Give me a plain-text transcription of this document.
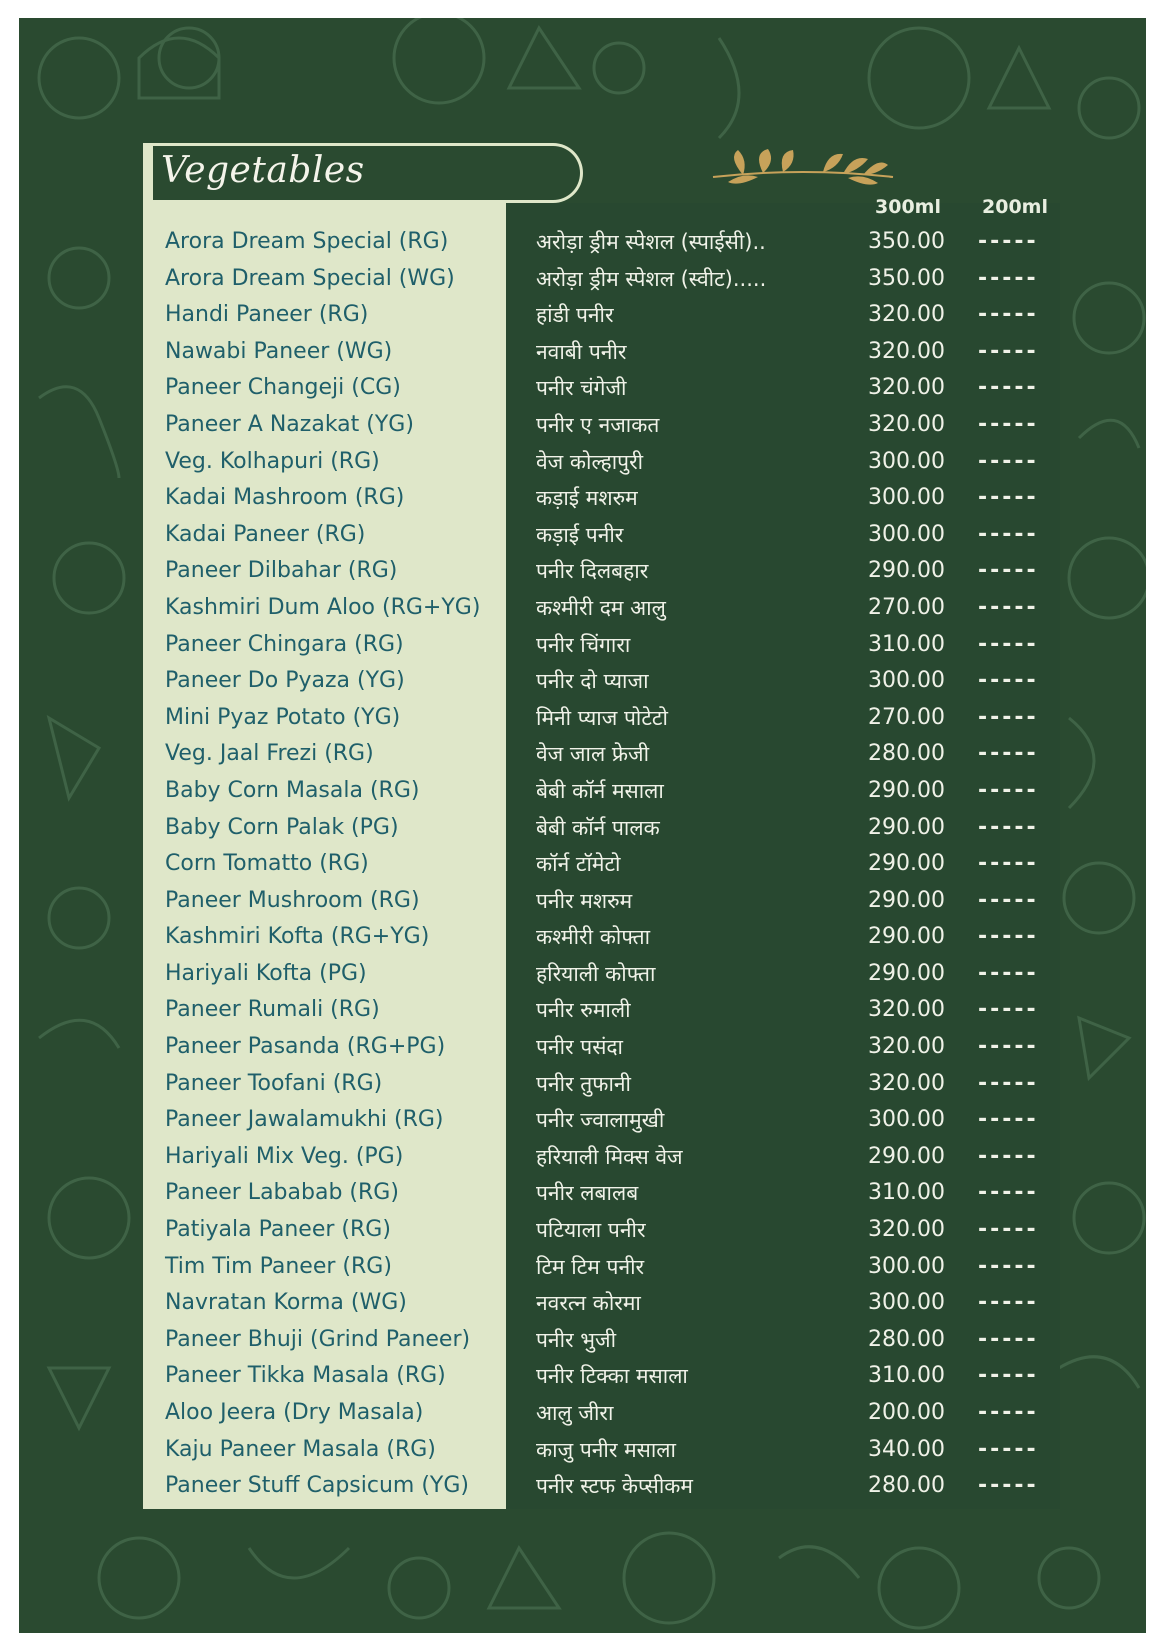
Vegetables
300ml 200ml
Arora Dream Special (RG)	अरोड़ा ड्रीम स्पेशल (स्पाईसी).. .....	350.00 -----
Arora Dream Special (WG)	अरोड़ा ड्रीम स्पेशल (स्वीट)..... .....	350.00 -----
Handi Paneer (RG)	हांडी पनीर .....	320.00 -----
Nawabi Paneer (WG)	नवाबी पनीर .....	320.00 -----
Paneer Changeji (CG)	पनीर चंगेजी .....	320.00 -----
Paneer A Nazakat (YG)	पनीर ए नजाकत .....	320.00 -----
Veg. Kolhapuri (RG)	वेज कोल्हापुरी .....	300.00 -----
Kadai Mashroom (RG)	कड़ाई मशरुम .....	300.00 -----
Kadai Paneer (RG)	कड़ाई पनीर .....	300.00 -----
Paneer Dilbahar (RG)	पनीर दिलबहार .....	290.00 -----
Kashmiri Dum Aloo (RG+YG)	कश्मीरी दम आलु .....	270.00 -----
Paneer Chingara (RG)	पनीर चिंगारा .....	310.00 -----
Paneer Do Pyaza (YG)	पनीर दो प्याजा .....	300.00 -----
Mini Pyaz Potato (YG)	मिनी प्याज पोटेटो .....	270.00 -----
Veg. Jaal Frezi (RG)	वेज जाल फ्रेजी .....	280.00 -----
Baby Corn Masala (RG)	बेबी कॉर्न मसाला .....	290.00 -----
Baby Corn Palak (PG)	बेबी कॉर्न पालक .....	290.00 -----
Corn Tomatto (RG)	कॉर्न टॉमेटो .....	290.00 -----
Paneer Mushroom (RG)	पनीर मशरुम .....	290.00 -----
Kashmiri Kofta (RG+YG)	कश्मीरी कोफ्ता .....	290.00 -----
Hariyali Kofta (PG)	हरियाली कोफ्ता .....	290.00 -----
Paneer Rumali (RG)	पनीर रुमाली .....	320.00 -----
Paneer Pasanda (RG+PG)	पनीर पसंदा .....	320.00 -----
Paneer Toofani (RG)	पनीर तुफानी .....	320.00 -----
Paneer Jawalamukhi (RG)	पनीर ज्वालामुखी .....	300.00 -----
Hariyali Mix Veg. (PG)	हरियाली मिक्स वेज .....	290.00 -----
Paneer Lababab (RG)	पनीर लबालब .....	310.00 -----
Patiyala Paneer (RG)	पटियाला पनीर .....	320.00 -----
Tim Tim Paneer (RG)	टिम टिम पनीर .....	300.00 -----
Navratan Korma (WG)	नवरत्न कोरमा .....	300.00 -----
Paneer Bhuji (Grind Paneer)	पनीर भुजी .....	280.00 -----
Paneer Tikka Masala (RG)	पनीर टिक्का मसाला .....	310.00 -----
Aloo Jeera (Dry Masala)	आलु जीरा .....	200.00 -----
Kaju Paneer Masala (RG)	काजु पनीर मसाला .....	340.00 -----
Paneer Stuff Capsicum (YG)	पनीर स्टफ केप्सीकम .....	280.00 -----
